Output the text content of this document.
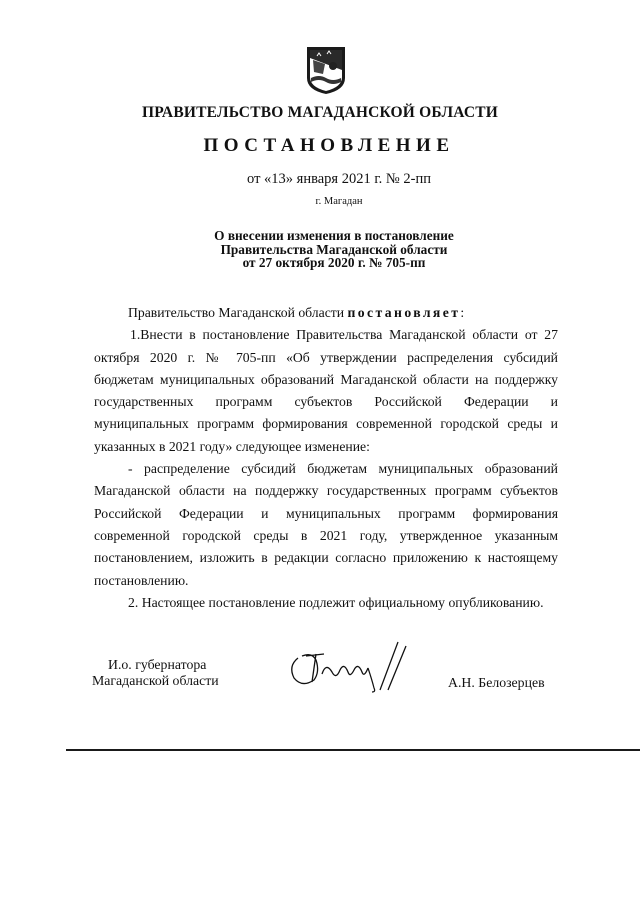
ПРАВИТЕЛЬСТВО МАГАДАНСКОЙ ОБЛАСТИ
ПОСТАНОВЛЕНИЕ
от «13» января 2021 г. № 2-пп
г. Магадан
О внесении изменения в постановление
Правительства Магаданской области
от 27 октября 2020 г. № 705-пп

Правительство Магаданской области постановляет:

1.Внести в постановление Правительства Магаданской области от 27 октября 2020 г. № 705-пп «Об утверждении распределения субсидий бюджетам муниципальных образований Магаданской области на поддержку государственных программ субъектов Российской Федерации и муниципальных программ формирования современной городской среды и указанных в 2021 году» следующее изменение:

- распределение субсидий бюджетам муниципальных образований Магаданской области на поддержку государственных программ субъектов Российской Федерации и муниципальных программ формирования современной городской среды в 2021 году, утвержденное указанным постановлением, изложить в редакции согласно приложению к настоящему постановлению.

2. Настоящее постановление подлежит официальному опубликованию.

И.о. губернатора
Магаданской области	А.Н. Белозерцев
